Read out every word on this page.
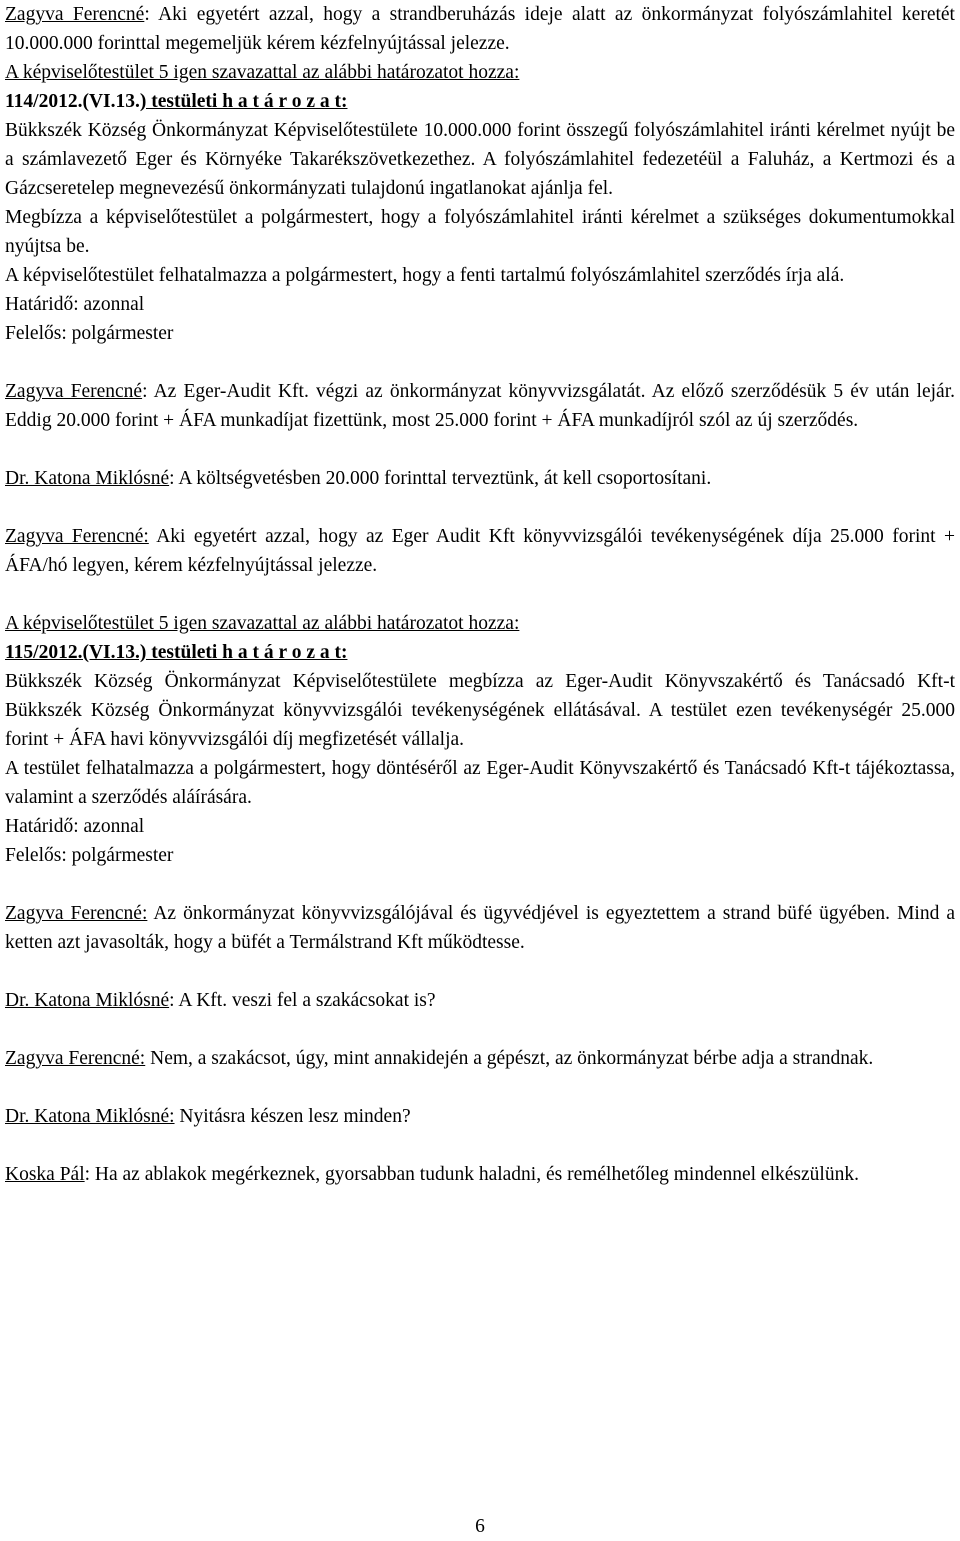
Zagyva Ferencné: Aki egyetért azzal, hogy a strandberuházás ideje alatt az önkormányzat folyószámlahitel keretét 10.000.000 forinttal megemeljük kérem kézfelnyújtással jelezze.

A képviselőtestület 5 igen szavazattal az alábbi határozatot hozza:

114/2012.(VI.13.) testületi h a t á r o z a t:

Bükkszék Község Önkormányzat Képviselőtestülete 10.000.000 forint összegű folyószámlahitel iránti kérelmet nyújt be a számlavezető Eger és Környéke Takarékszövetkezethez. A folyószámlahitel fedezetéül a Faluház, a Kertmozi és a Gázcseretelep megnevezésű önkormányzati tulajdonú ingatlanokat ajánlja fel.

Megbízza a képviselőtestület a polgármestert, hogy a folyószámlahitel iránti kérelmet a szükséges dokumentumokkal nyújtsa be.

A képviselőtestület felhatalmazza a polgármestert, hogy a fenti tartalmú folyószámlahitel szerződés írja alá.

Határidő: azonnal

Felelős: polgármester

Zagyva Ferencné: Az Eger-Audit Kft. végzi az önkormányzat könyvvizsgálatát. Az előző szerződésük 5 év után lejár. Eddig 20.000 forint + ÁFA munkadíjat fizettünk, most 25.000 forint + ÁFA munkadíjról szól az új szerződés.

Dr. Katona Miklósné: A költségvetésben 20.000 forinttal terveztünk, át kell csoportosítani.

Zagyva Ferencné: Aki egyetért azzal, hogy az Eger Audit Kft könyvvizsgálói tevékenységének díja 25.000 forint + ÁFA/hó legyen, kérem kézfelnyújtással jelezze.

A képviselőtestület 5 igen szavazattal az alábbi határozatot hozza:

115/2012.(VI.13.) testületi h a t á r o z a t:

Bükkszék Község Önkormányzat Képviselőtestülete megbízza az Eger-Audit Könyvszakértő és Tanácsadó Kft-t Bükkszék Község Önkormányzat könyvvizsgálói tevékenységének ellátásával. A testület ezen tevékenységér 25.000 forint + ÁFA havi könyvvizsgálói díj megfizetését vállalja.

A testület felhatalmazza a polgármestert, hogy döntéséről az Eger-Audit Könyvszakértő és Tanácsadó Kft-t tájékoztassa, valamint a szerződés aláírására.

Határidő: azonnal

Felelős: polgármester

Zagyva Ferencné: Az önkormányzat könyvvizsgálójával és ügyvédjével is egyeztettem a strand büfé ügyében. Mind a ketten azt javasolták, hogy a büfét a Termálstrand Kft működtesse.

Dr. Katona Miklósné: A Kft. veszi fel a szakácsokat is?

Zagyva Ferencné: Nem, a szakácsot, úgy, mint annakidején a gépészt, az önkormányzat bérbe adja a strandnak.

Dr. Katona Miklósné: Nyitásra készen lesz minden?

Koska Pál: Ha az ablakok megérkeznek, gyorsabban tudunk haladni, és remélhetőleg mindennel elkészülünk.

6
